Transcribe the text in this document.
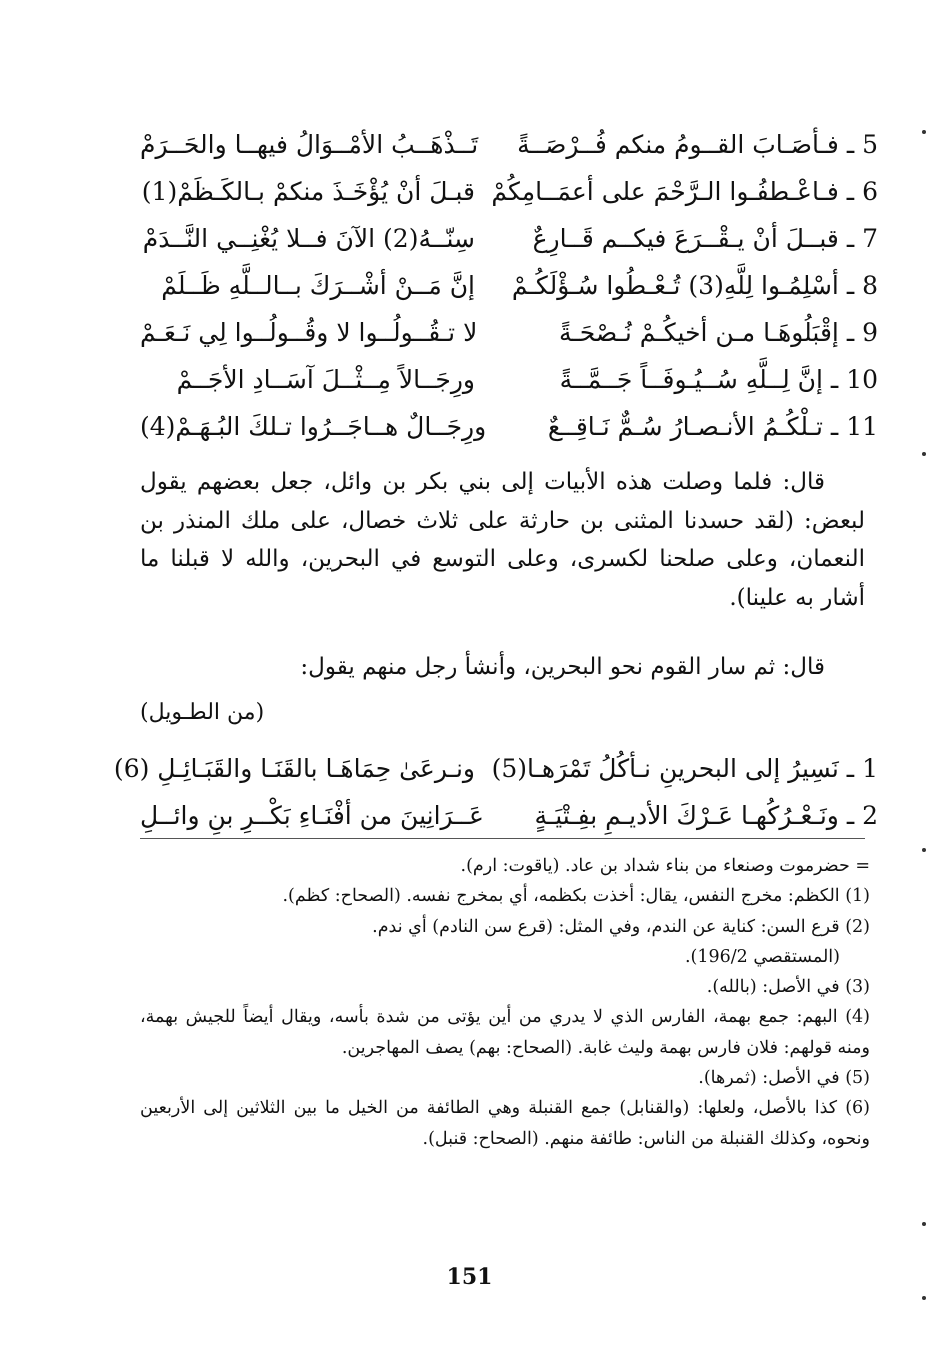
5 ـ فـأصَـابَ القــومُ منكم فُــرْصَــةً
تَــذْهَــبُ الأمْــوَالُ فيهــا والحَــرَمْ
6 ـ فـاعْـطفُـوا الـرَّحْمَ على أعمَــامِكُمْ
قبـلَ أنْ يُؤْخَـذَ منكمْ بـالكَـظَمْ(1)
7 ـ قبــلَ أنْ يـقْــرَعَ فيكــم قَــارِعٌ
سِنّــهُ(2) الآنَ فــلا يُغْنِــي النَّــدَمْ
8 ـ أسْلِمُـوا لِلَّهِ(3) تُـعْـطُوا سُـؤْلَكُـمْ
إنَّ مَــنْ أشْــرَكَ بــالــلَّهِ ظَــلَمْ
9 ـ إقْبَلُوهَـا مـن أخيكُـمْ نُـصْحَـةً
لا تـقُــولُــوا لا وقُــولُــوا لِي نَـعَـمْ
10 ـ إنَّ لِــلَّهِ سُــيُـوفَــاً جَــمَّــةً
ورِجَــالاً مِــثْــلَ آسَــادِ الأجَــمْ
11 ـ تـلْكُـمُ الأنـصـارُ سُـمٌّ نَـاقِــعٌ
ورِجَــالٌ هــاجَــرُوا تـلكَ البُـهَـمْ(4)

قال: فلما وصلت هذه الأبيات إلى بني بكر بن وائل، جعل بعضهم يقول لبعض: (لقد حسدنا المثنى بن حارثة على ثلاث خصال، على ملك المنذر بن النعمان، وعلى صلحنا لكسرى، وعلى التوسع في البحرين، والله لا قبلنا ما أشار به علينا).

قال: ثم سار القوم نحو البحرين، وأنشأ رجل منهم يقول:

(من الطـويل)
1 ـ نَسِيرُ إلى البحرينِ نـأكُلُ تَمْرَهـا(5)
ونـرعَىٰ حِمَاهَـا بالقَنَـا والقَبَـائِـلِ (6)
2 ـ ونَـعْـرُكُهـا عَـرْكَ الأديـمِ بفِـتْيَـةٍ
عَــرَانِينَ من أفْنَـاءِ بَكْــرِ بنِ وائــلِ
= حضرموت وصنعاء من بناء شداد بن عاد. (ياقوت: ارم).
(1) الكظم: مخرج النفس، يقال: أخذت بكظمه، أي بمخرج نفسه. (الصحاح: كظم).
(2) قرع السن: كناية عن الندم، وفي المثل: (قرع سن النادم) أي ندم.
(المستقصي 196/2).
(3) في الأصل: (بالله).
(4) البهم: جمع بهمة، الفارس الذي لا يدري من أين يؤتى من شدة بأسه، ويقال أيضاً للجيش بهمة، ومنه قولهم: فلان فارس بهمة وليث غابة. (الصحاح: بهم) يصف المهاجرين.
(5) في الأصل: (ثمرها).
(6) كذا بالأصل، ولعلها: (والقنابل) جمع القنبلة وهي الطائفة من الخيل ما بين الثلاثين إلى الأربعين ونحوه، وكذلك القنبلة من الناس: طائفة منهم. (الصحاح: قنبل).
151
